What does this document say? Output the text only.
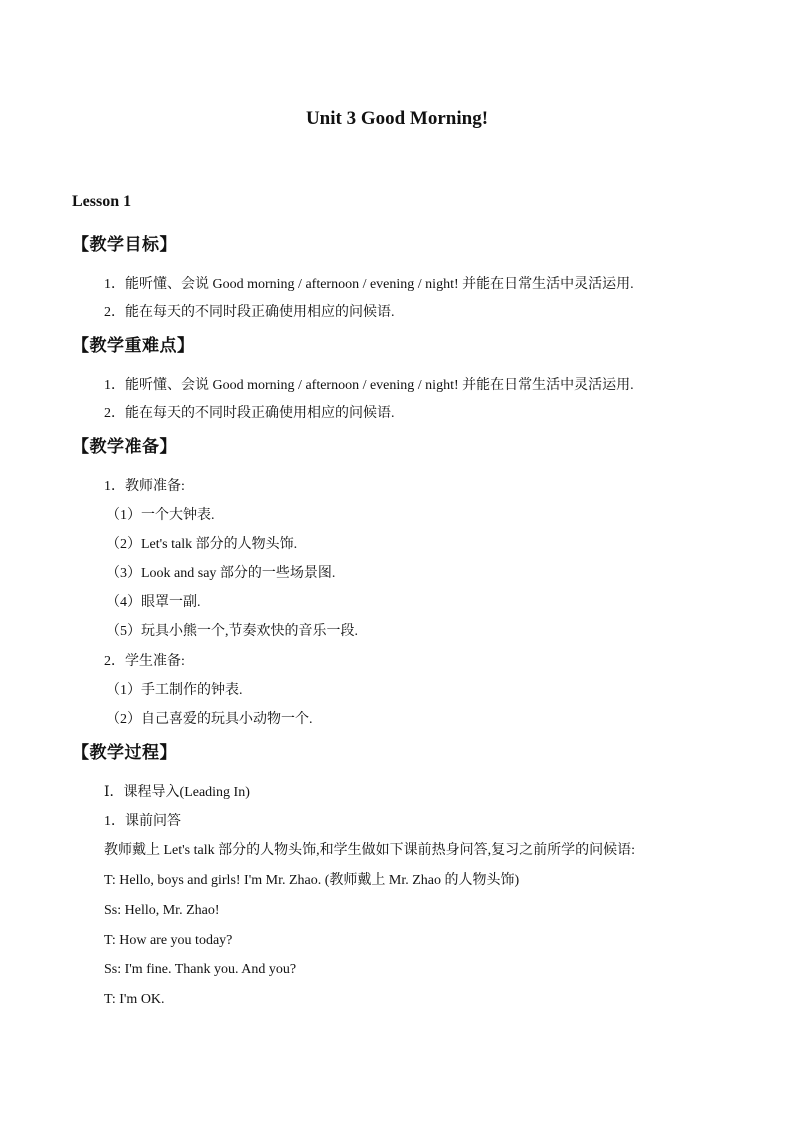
Unit 3 Good Morning!
Lesson 1
【教学目标】
1．能听懂、会说 Good morning / afternoon / evening / night! 并能在日常生活中灵活运用.
2．能在每天的不同时段正确使用相应的问候语.
【教学重难点】
1．能听懂、会说 Good morning / afternoon / evening / night! 并能在日常生活中灵活运用.
2．能在每天的不同时段正确使用相应的问候语.
【教学准备】
1．教师准备:
（1）一个大钟表.
（2）Let's talk 部分的人物头饰.
（3）Look and say 部分的一些场景图.
（4）眼罩一副.
（5）玩具小熊一个,节奏欢快的音乐一段.
2．学生准备:
（1）手工制作的钟表.
（2）自己喜爱的玩具小动物一个.
【教学过程】
Ⅰ．课程导入(Leading In)
1．课前问答
教师戴上 Let's talk 部分的人物头饰,和学生做如下课前热身问答,复习之前所学的问候语:
T: Hello, boys and girls! I'm Mr. Zhao. (教师戴上 Mr. Zhao 的人物头饰)
Ss: Hello, Mr. Zhao!
T: How are you today?
Ss: I'm fine. Thank you. And you?
T: I'm OK.
